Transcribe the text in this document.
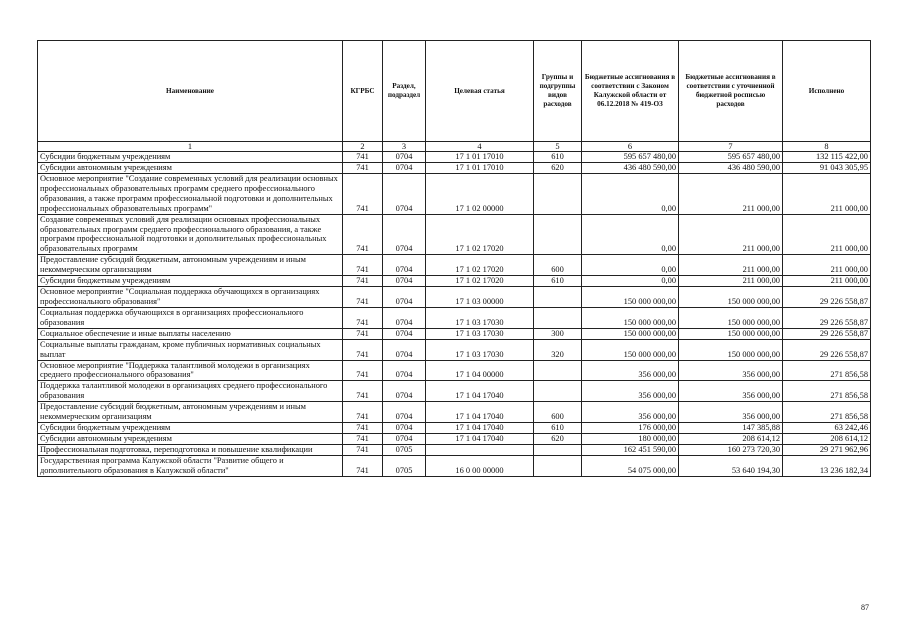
Наименование	КГРБС	Раздел, подраздел	Целевая статья	Группы и подгруппы видов расходов	Бюджетные ассигнования в соответствии с Законом Калужской области от 06.12.2018 № 419-ОЗ	Бюджетные ассигнования в соответствии с уточненной бюджетной росписью расходов	Исполнено
1	2	3	4	5	6	7	8
Субсидии бюджетным учреждениям	741	0704	17 1 01 17010	610	595 657 480,00	595 657 480,00	132 115 422,00
Субсидии автономным учреждениям	741	0704	17 1 01 17010	620	436 480 590,00	436 480 590,00	91 043 305,95
Основное мероприятие "Создание современных условий для реализации основных профессиональных образовательных программ среднего профессионального образования, а также программ профессиональной подготовки и дополнительных профессиональных образовательных программ"	741	0704	17 1 02 00000		0,00	211 000,00	211 000,00
Создание современных условий для реализации основных профессиональных образовательных программ среднего профессионального образования, а также программ профессиональной подготовки и дополнительных профессиональных образовательных программ	741	0704	17 1 02 17020		0,00	211 000,00	211 000,00
Предоставление субсидий бюджетным, автономным учреждениям и иным некоммерческим организациям	741	0704	17 1 02 17020	600	0,00	211 000,00	211 000,00
Субсидии бюджетным учреждениям	741	0704	17 1 02 17020	610	0,00	211 000,00	211 000,00
Основное мероприятие "Социальная поддержка обучающихся в организациях профессионального образования"	741	0704	17 1 03 00000		150 000 000,00	150 000 000,00	29 226 558,87
Социальная поддержка обучающихся в организациях профессионального образования	741	0704	17 1 03 17030		150 000 000,00	150 000 000,00	29 226 558,87
Социальное обеспечение и иные выплаты населению	741	0704	17 1 03 17030	300	150 000 000,00	150 000 000,00	29 226 558,87
Социальные выплаты гражданам, кроме публичных нормативных социальных выплат	741	0704	17 1 03 17030	320	150 000 000,00	150 000 000,00	29 226 558,87
Основное мероприятие "Поддержка талантливой молодежи в организациях среднего профессионального образования"	741	0704	17 1 04 00000		356 000,00	356 000,00	271 856,58
Поддержка талантливой молодежи в организациях среднего профессионального образования	741	0704	17 1 04 17040		356 000,00	356 000,00	271 856,58
Предоставление субсидий бюджетным, автономным учреждениям и иным некоммерческим организациям	741	0704	17 1 04 17040	600	356 000,00	356 000,00	271 856,58
Субсидии бюджетным учреждениям	741	0704	17 1 04 17040	610	176 000,00	147 385,88	63 242,46
Субсидии автономным учреждениям	741	0704	17 1 04 17040	620	180 000,00	208 614,12	208 614,12
Профессиональная подготовка, переподготовка и повышение квалификации	741	0705			162 451 590,00	160 273 720,30	29 271 962,96
Государственная программа Калужской области "Развитие общего и дополнительного образования в Калужской области"	741	0705	16 0 00 00000		54 075 000,00	53 640 194,30	13 236 182,34
87
